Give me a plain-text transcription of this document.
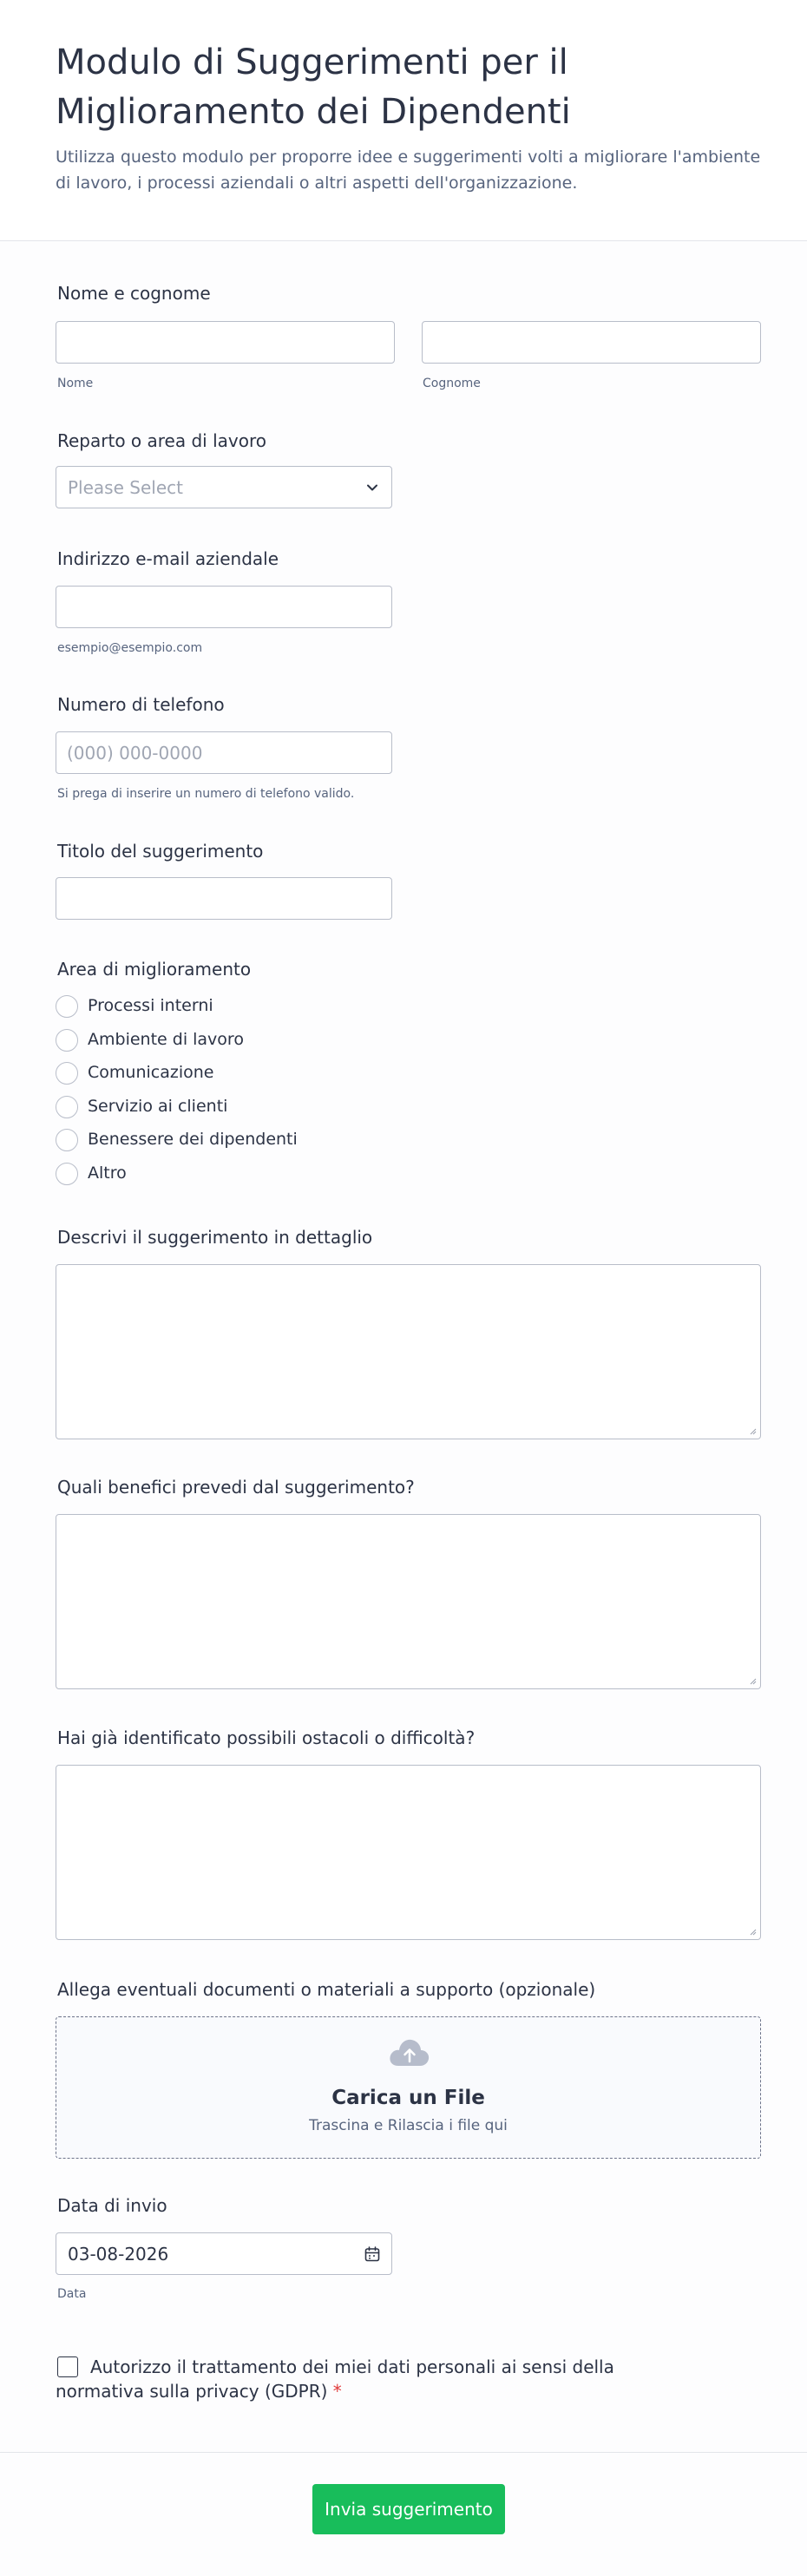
Modulo di Suggerimenti per il Miglioramento dei Dipendenti
Utilizza questo modulo per proporre idee e suggerimenti volti a migliorare l'ambiente di lavoro, i processi aziendali o altri aspetti dell'organizzazione.
Nome e cognome
Nome	Cognome
Reparto o area di lavoro
Please Select
Indirizzo e-mail aziendale
esempio@esempio.com
Numero di telefono
(000) 000-0000
Si prega di inserire un numero di telefono valido.
Titolo del suggerimento
Area di miglioramento
Processi interni
Ambiente di lavoro
Comunicazione
Servizio ai clienti
Benessere dei dipendenti
Altro
Descrivi il suggerimento in dettaglio
Quali benefici prevedi dal suggerimento?
Hai già identificato possibili ostacoli o difficoltà?
Allega eventuali documenti o materiali a supporto (opzionale)
Carica un File
Trascina e Rilascia i file qui
Data di invio
03-08-2026
Data
Autorizzo il trattamento dei miei dati personali ai sensi della normativa sulla privacy (GDPR) *
Invia suggerimento
